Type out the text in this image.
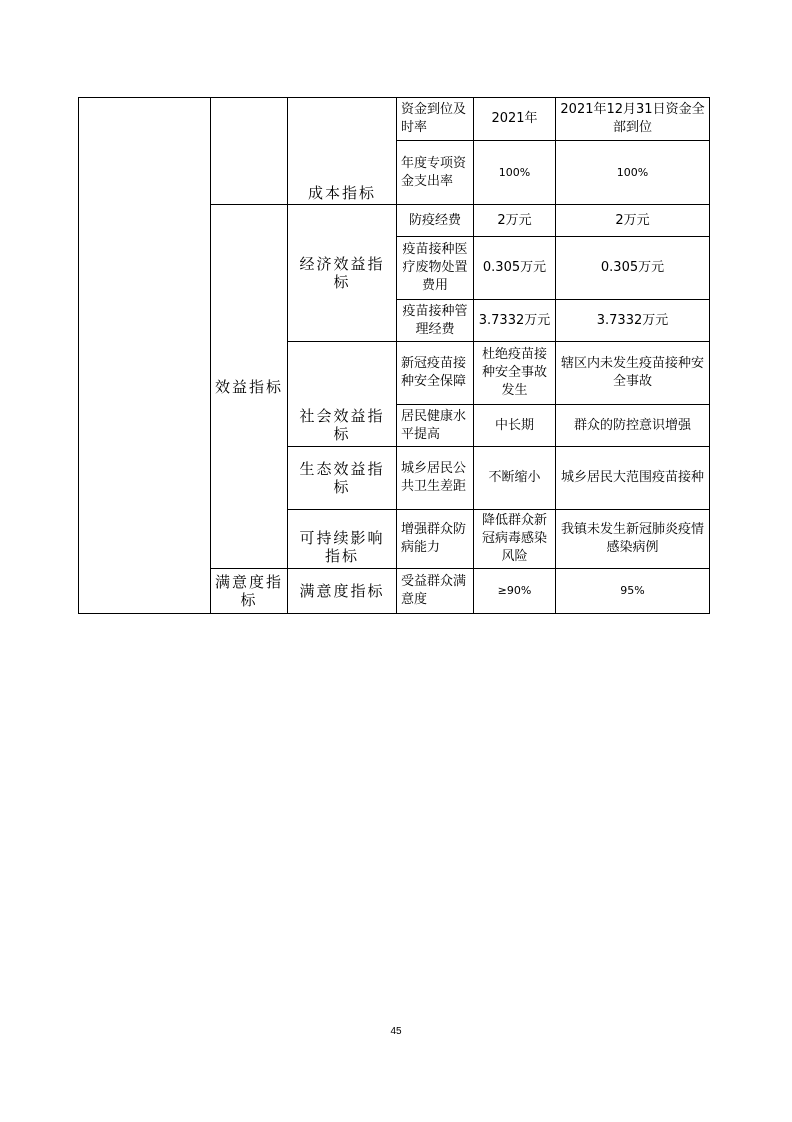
		成本指标	资金到位及时率	2021年	2021年12月31日资金全部到位
			年度专项资金支出率	100%	100%
	效益指标	经济效益指标	防疫经费	2万元	2万元
			疫苗接种医疗废物处置费用	0.305万元	0.305万元
			疫苗接种管理经费	3.7332万元	3.7332万元
		社会效益指标	新冠疫苗接种安全保障	杜绝疫苗接种安全事故发生	辖区内未发生疫苗接种安全事故
			居民健康水平提高	中长期	群众的防控意识增强
		生态效益指标	城乡居民公共卫生差距	不断缩小	城乡居民大范围疫苗接种
		可持续影响指标	增强群众防病能力	降低群众新冠病毒感染风险	我镇未发生新冠肺炎疫情感染病例
	满意度指标	满意度指标	受益群众满意度	≥90%	95%
45
